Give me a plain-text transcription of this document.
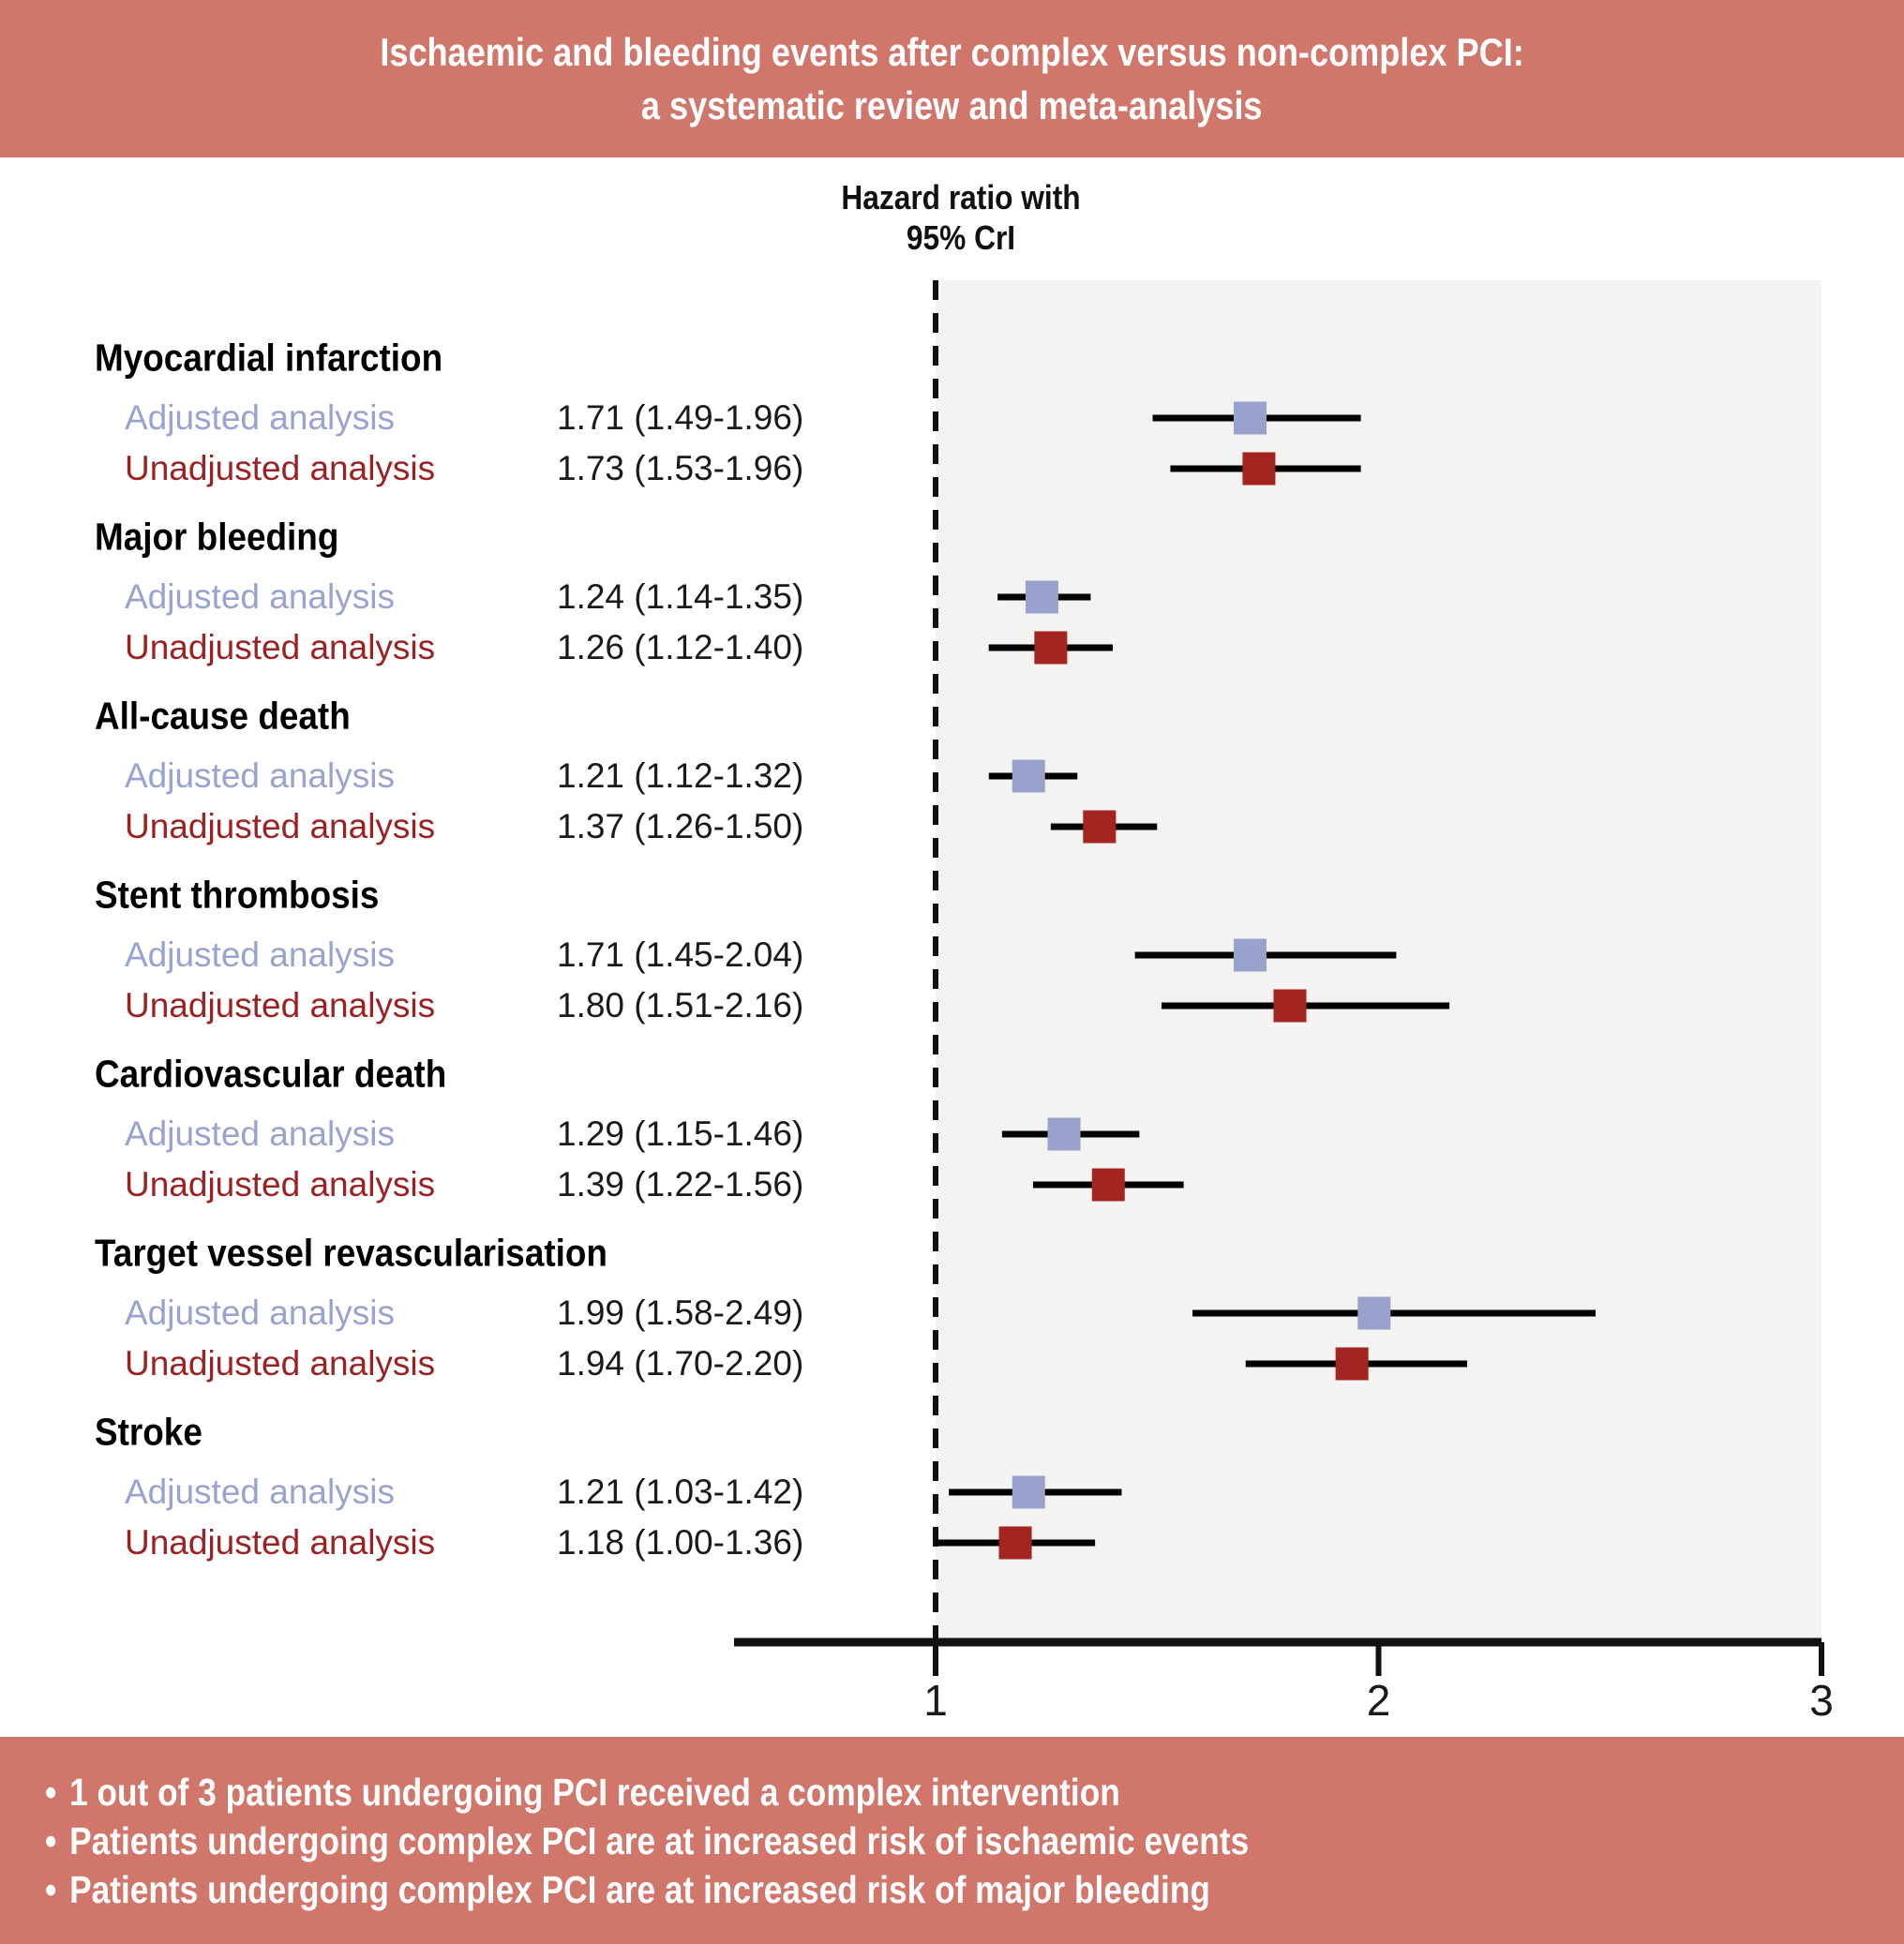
Ischaemic and bleeding events after complex versus non-complex PCI:
a systematic review and meta-analysis
Hazard ratio with
95% CrI
1	2	3
Myocardial infarction
Adjusted analysis	1.71 (1.49-1.96)
Unadjusted analysis	1.73 (1.53-1.96)
Major bleeding
Adjusted analysis	1.24 (1.14-1.35)
Unadjusted analysis	1.26 (1.12-1.40)
All-cause death
Adjusted analysis	1.21 (1.12-1.32)
Unadjusted analysis	1.37 (1.26-1.50)
Stent thrombosis
Adjusted analysis	1.71 (1.45-2.04)
Unadjusted analysis	1.80 (1.51-2.16)
Cardiovascular death
Adjusted analysis	1.29 (1.15-1.46)
Unadjusted analysis	1.39 (1.22-1.56)
Target vessel revascularisation
Adjusted analysis	1.99 (1.58-2.49)
Unadjusted analysis	1.94 (1.70-2.20)
Stroke
Adjusted analysis	1.21 (1.03-1.42)
Unadjusted analysis	1.18 (1.00-1.36)
• 1 out of 3 patients undergoing PCI received a complex intervention
• Patients undergoing complex PCI are at increased risk of ischaemic events
• Patients undergoing complex PCI are at increased risk of major bleeding
